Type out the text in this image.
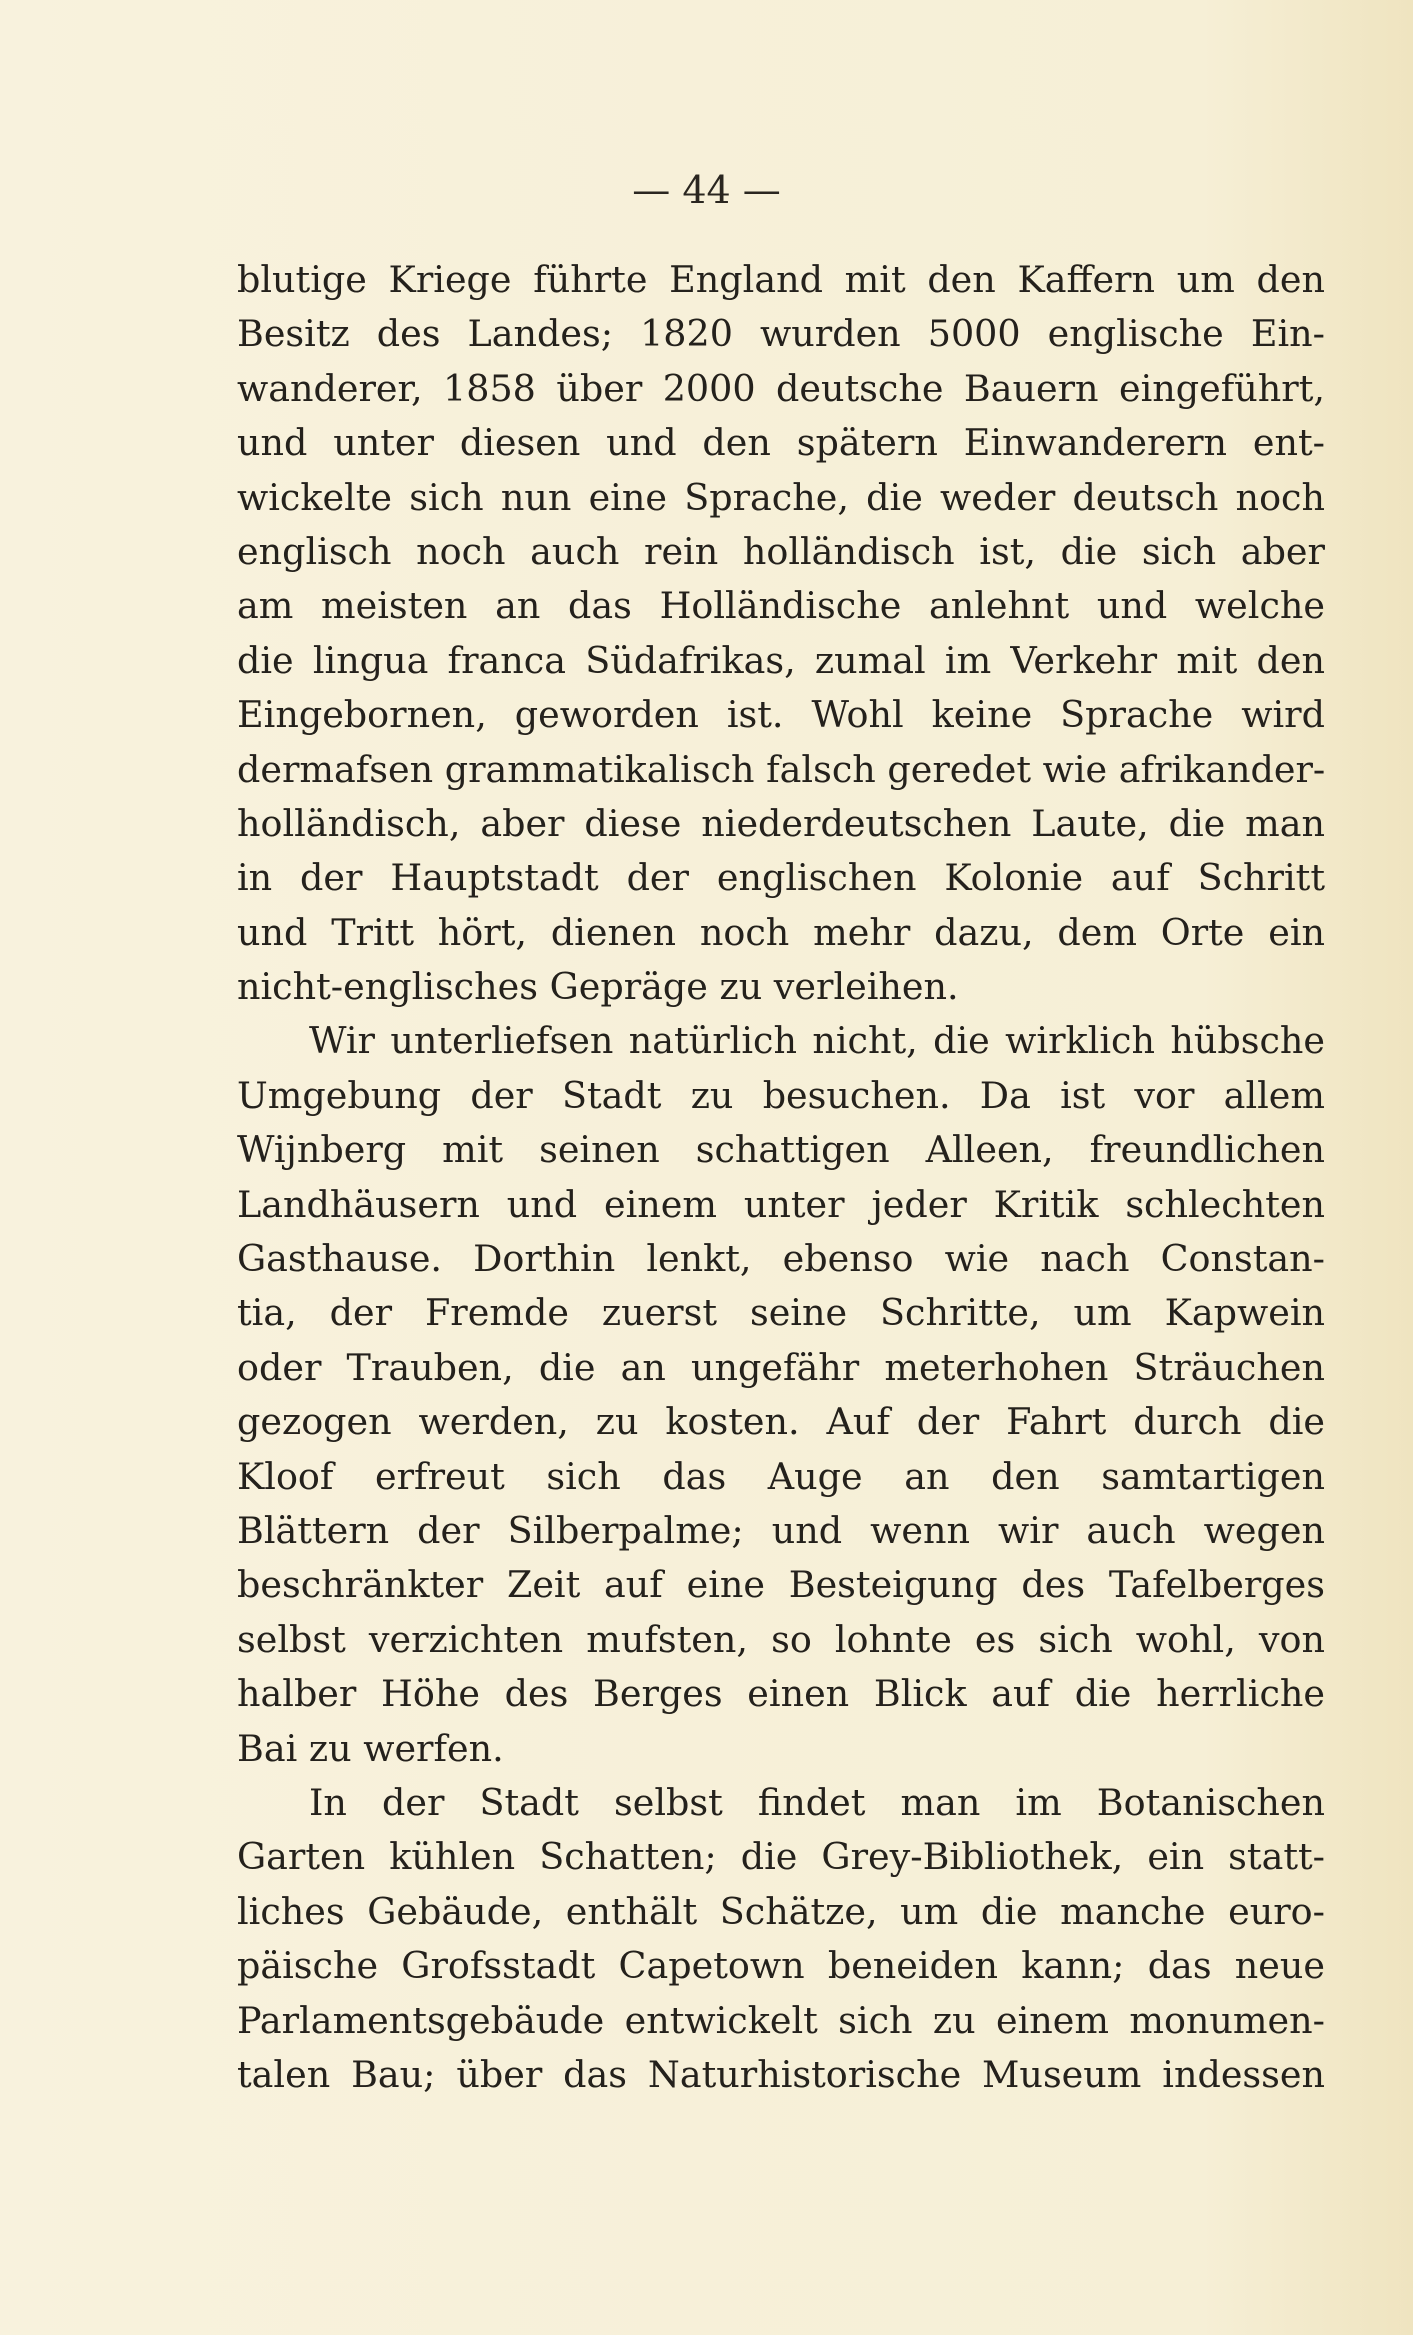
— 44 —
blutige Kriege führte England mit den Kaffern um den
Besitz des Landes; 1820 wurden 5000 englische Ein-
wanderer, 1858 über 2000 deutsche Bauern eingeführt,
und unter diesen und den spätern Einwanderern ent-
wickelte sich nun eine Sprache, die weder deutsch noch
englisch noch auch rein holländisch ist, die sich aber
am meisten an das Holländische anlehnt und welche
die lingua franca Südafrikas, zumal im Verkehr mit den
Eingebornen, geworden ist. Wohl keine Sprache wird
dermafsen grammatikalisch falsch geredet wie afrikander-
holländisch, aber diese niederdeutschen Laute, die man
in der Hauptstadt der englischen Kolonie auf Schritt
und Tritt hört, dienen noch mehr dazu, dem Orte ein
nicht-englisches Gepräge zu verleihen.
Wir unterliefsen natürlich nicht, die wirklich hübsche
Umgebung der Stadt zu besuchen. Da ist vor allem
Wijnberg mit seinen schattigen Alleen, freundlichen
Landhäusern und einem unter jeder Kritik schlechten
Gasthause. Dorthin lenkt, ebenso wie nach Constan-
tia, der Fremde zuerst seine Schritte, um Kapwein
oder Trauben, die an ungefähr meterhohen Sträuchen
gezogen werden, zu kosten. Auf der Fahrt durch die
Kloof erfreut sich das Auge an den samtartigen
Blättern der Silberpalme; und wenn wir auch wegen
beschränkter Zeit auf eine Besteigung des Tafelberges
selbst verzichten mufsten, so lohnte es sich wohl, von
halber Höhe des Berges einen Blick auf die herrliche
Bai zu werfen.
In der Stadt selbst findet man im Botanischen
Garten kühlen Schatten; die Grey-Bibliothek, ein statt-
liches Gebäude, enthält Schätze, um die manche euro-
päische Grofsstadt Capetown beneiden kann; das neue
Parlamentsgebäude entwickelt sich zu einem monumen-
talen Bau; über das Naturhistorische Museum indessen
